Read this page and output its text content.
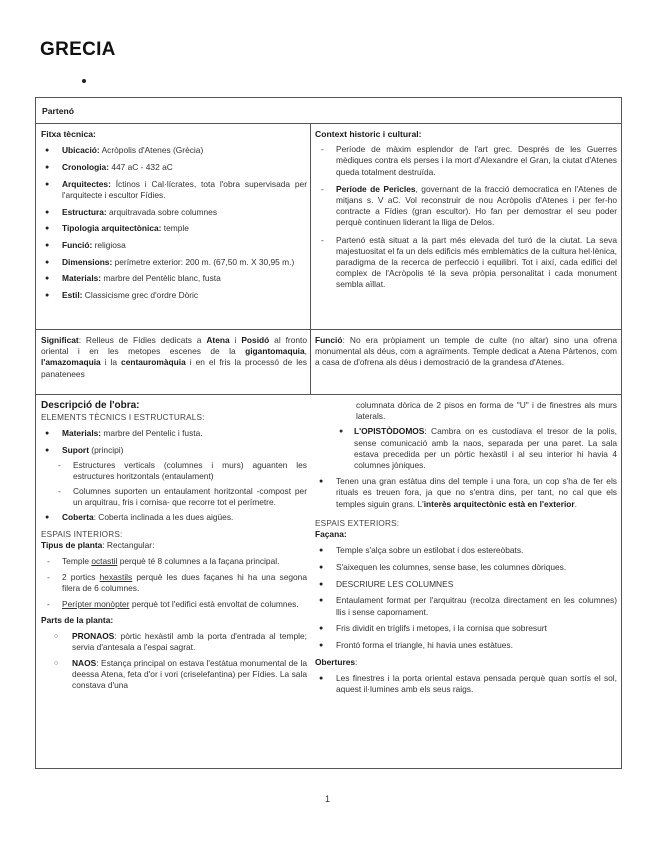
GRECIA
Partenó
Fitxa tècnica:
● Ubicació: Acròpolis d'Atenes (Grècia)
● Cronologia: 447 aC - 432 aC
● Arquitectes: Íctinos i Cal·lícrates, tota l'obra supervisada per l'arquitecte i escultor Fídies.
● Estructura: arquitravada sobre columnes
● Tipologia arquitectònica: temple
● Funció: religiosa
● Dimensions: perímetre exterior: 200 m. (67,50 m. X 30,95 m.)
● Materials: marbre del Pentèlic blanc, fusta
● Estil: Classicisme grec d'ordre Dòric
Context historic i cultural:
- Període de màxim esplendor de l'art grec. Després de les Guerres mèdiques contra els perses i la mort d'Alexandre el Gran, la ciutat d'Atenes queda totalment destruïda.
- Període de Pericles, governant de la fracció democratica en l'Atenes de mitjans s. V aC. Vol reconstruir de nou Acròpolis d'Atenes i per fer-ho contracte a Fídies (gran escultor). Ho fan per demostrar el seu poder perquè continuen liderant la lliga de Delos.
- Partenó està situat a la part més elevada del turó de la ciutat. La seva majestuositat el fa un dels edificis més emblemàtics de la cultura hel·lènica, paradigma de la recerca de perfecció i equilibri. Tot i així, cada edifici del complex de l'Acròpolis té la seva pròpia personalitat i cada monument sembla aïllat.
Significat: Relleus de Fídies dedicats a Atena i Posidó al fronto oriental i en les metopes escenes de la gigantomaquia, l'amazomaquia i la centauromàquia i en el fris la processó de les panatenees
Funció: No era pròpiament un temple de culte (no altar) sino una ofrena monumental als déus, com a agraïments. Temple dedicat a Atena Pàrtenos, com a casa de d'ofrena als déus i demostració de la grandesa d'Atenes.
Descripció de l'obra:
ELEMENTS TÈCNICS I ESTRUCTURALS:
● Materials: marbre del Pentelic i fusta.
● Suport (principi)
- Estructures verticals (columnes i murs) aguanten les estructures horitzontals (entaulament)
- Columnes suporten un entaulament horitzontal -compost per un arquitrau, fris i cornisa- que recorre tot el perímetre.
● Coberta: Coberta inclinada a les dues aigües.
ESPAIS INTERIORS:
Tipus de planta: Rectangular:
- Temple octastil perquè té 8 columnes a la façana principal.
- 2 portics hexastils perquè les dues façanes hi ha una segona filera de 6 columnes.
- Perípter monòpter perquè tot l'edifici està envoltat de columnes.
Parts de la planta:
○ PRONAOS: pòrtic hexàstil amb la porta d'entrada al temple; servia d'antesala a l'espai sagrat.
○ NAOS: Estança principal on estava l'estàtua monumental de la deessa Atena, feta d'or i vori (criselefantina) per Fídies. La sala constava d'una
columnata dòrica de 2 pisos en forma de "U" i de finestres als murs laterals.
● L'OPISTÒDOMOS: Cambra on es custodiava el tresor de la polis, sense comunicació amb la naos, separada per una paret. La sala estava precedida per un pòrtic hexàstil i al seu interior hi havia 4 columnes jòniques.
● Tenen una gran estàtua dins del temple i una fora, un cop s'ha de fer els rituals es treuen fora, ja que no s'entra dins, per tant, no cal que els temples siguin grans. L'interès arquitectònic està en l'exterior.
ESPAIS EXTERIORS:
Façana:
● Temple s'alça sobre un estilobat i dos estereòbats.
● S'aixequen les columnes, sense base, les columnes dòriques.
● DESCRIURE LES COLUMNES
● Entaulament format per l'arquitrau (recolza directament en les columnes) llis i sense capornament.
● Fris dividit en tríglifs i metopes, i la cornisa que sobresurt
● Frontó forma el triangle, hi havia unes estàtues.
Obertures:
● Les finestres i la porta oriental estava pensada perquè quan sortís el sol, aquest il·lumines amb els seus raigs.
1
